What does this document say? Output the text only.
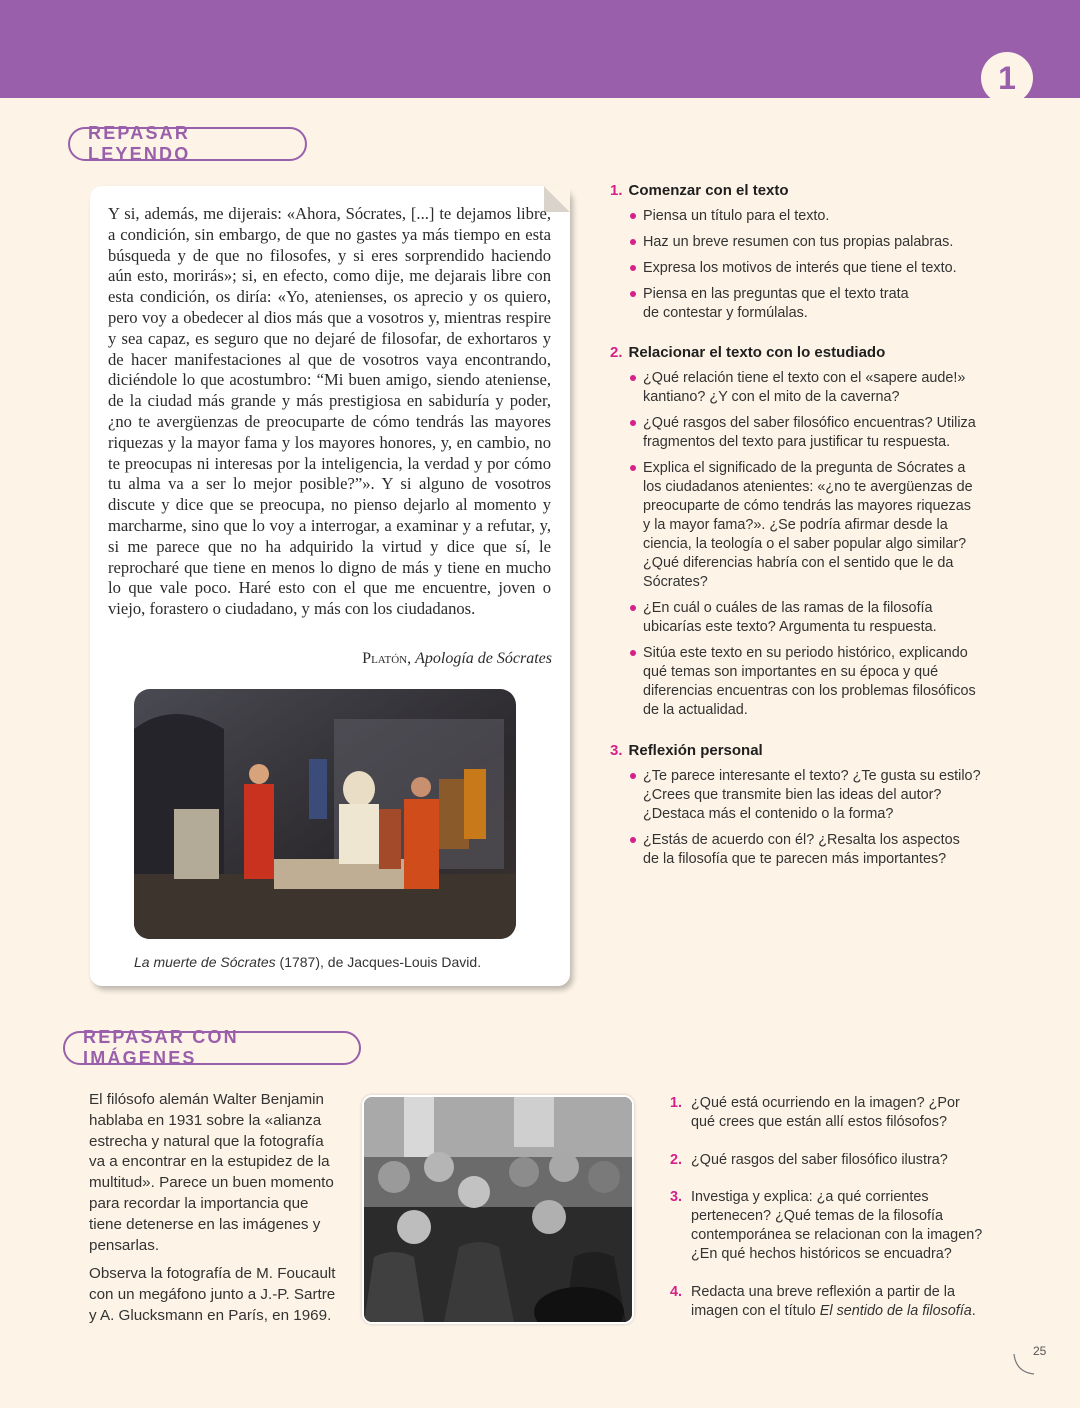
1
REPASAR LEYENDO

Y si, además, me dijerais: «Ahora, Sócrates, [...] te dejamos libre, a condición, sin embargo, de que no gastes ya más tiempo en esta búsqueda y de que no filosofes, y si eres sorprendido haciendo aún esto, morirás»; si, en efecto, como dije, me dejarais libre con esta condición, os diría: «Yo, atenienses, os aprecio y os quiero, pero voy a obedecer al dios más que a vosotros y, mientras respire y sea capaz, es seguro que no dejaré de filosofar, de exhortaros y de hacer manifestaciones al que de vosotros vaya encontrando, diciéndole lo que acostumbro: “Mi buen amigo, siendo ateniense, de la ciudad más grande y más prestigiosa en sabiduría y poder, ¿no te avergüenzas de preocuparte de cómo tendrás las mayores riquezas y la mayor fama y los mayores honores, y, en cambio, no te preocupas ni interesas por la inteligencia, la verdad y por cómo tu alma va a ser lo mejor posible?”». Y si alguno de vosotros discute y dice que se preocupa, no pienso dejarlo al momento y marcharme, sino que lo voy a interrogar, a examinar y a refutar, y, si me parece que no ha adquirido la virtud y dice que sí, le reprocharé que tiene en menos lo digno de más y tiene en mucho lo que vale poco. Haré esto con el que me encuentre, joven o viejo, forastero o ciudadano, y más con los ciudadanos.

Platón, Apología de Sócrates
La muerte de Sócrates (1787), de Jacques-Louis David.
1. Comenzar con el texto
Piensa un título para el texto.
Haz un breve resumen con tus propias palabras.
Expresa los motivos de interés que tiene el texto.
Piensa en las preguntas que el texto trata de contestar y formúlalas.
2. Relacionar el texto con lo estudiado
¿Qué relación tiene el texto con el «sapere aude!» kantiano? ¿Y con el mito de la caverna?
¿Qué rasgos del saber filosófico encuentras? Utiliza fragmentos del texto para justificar tu respuesta.
Explica el significado de la pregunta de Sócrates a los ciudadanos atenientes: «¿no te avergüenzas de preocuparte de cómo tendrás las mayores riquezas y la mayor fama?». ¿Se podría afirmar desde la ciencia, la teología o el saber popular algo similar? ¿Qué diferencias habría con el sentido que le da Sócrates?
¿En cuál o cuáles de las ramas de la filosofía ubicarías este texto? Argumenta tu respuesta.
Sitúa este texto en su periodo histórico, explicando qué temas son importantes en su época y qué diferencias encuentras con los problemas filosóficos de la actualidad.
3. Reflexión personal
¿Te parece interesante el texto? ¿Te gusta su estilo? ¿Crees que transmite bien las ideas del autor? ¿Destaca más el contenido o la forma?
¿Estás de acuerdo con él? ¿Resalta los aspectos de la filosofía que te parecen más importantes?
REPASAR CON IMÁGENES
El filósofo alemán Walter Benjamin hablaba en 1931 sobre la «alianza estrecha y natural que la fotografía va a encontrar en la estupidez de la multitud». Parece un buen momento para recordar la importancia que tiene detenerse en las imágenes y pensarlas.
Observa la fotografía de M. Foucault con un megáfono junto a J.-P. Sartre y A. Glucksmann en París, en 1969.
1. ¿Qué está ocurriendo en la imagen? ¿Por qué crees que están allí estos filósofos?
2. ¿Qué rasgos del saber filosófico ilustra?
3. Investiga y explica: ¿a qué corrientes pertenecen? ¿Qué temas de la filosofía contemporánea se relacionan con la imagen? ¿En qué hechos históricos se encuadra?
4. Redacta una breve reflexión a partir de la imagen con el título El sentido de la filosofía.
25
